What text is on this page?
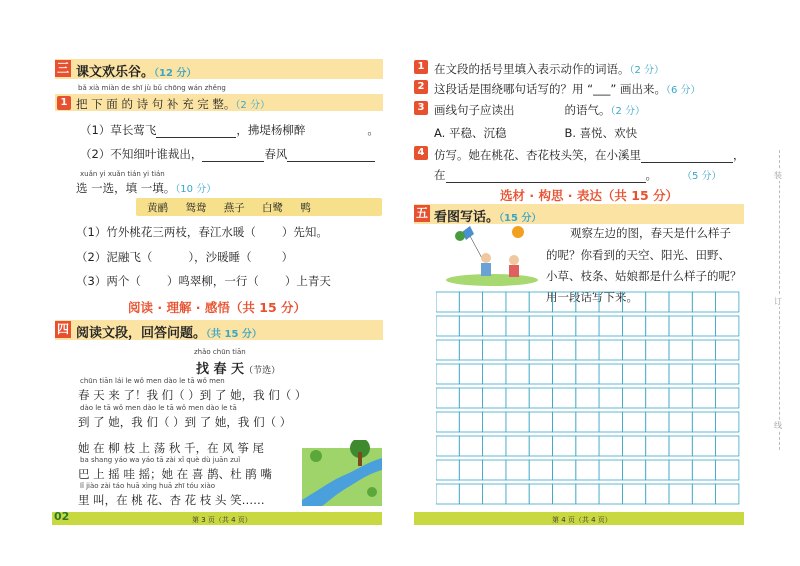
三 课文欢乐谷。（12 分）
bǎ xià miàn de shī jù bǔ chōng wán zhěng
1 把 下 面 的 诗 句 补 充 完 整。（2 分）
（1）草长莺飞	，拂堤杨柳醉	。
（2）不知细叶谁裁出，	春风
xuǎn yi xuǎn tián yi tián
选 一选，填 一填。（10 分）
黄鹂 鸳鸯 燕子 白鹭 鸭
（1）竹外桃花三两枝，春江水暖（ ）先知。
（2）泥融飞（	），沙暖睡（	）
（3）两个（ ）鸣翠柳，一行（ ）上青天
阅读 · 理解 · 感悟（共 15 分）
四 阅读文段，回答问题。（共 15 分）
zhǎo chūn tiān
找 春 天（节选）
chūn tiān lái le wǒ men dào le tā wǒ men
春 天 来 了！我 们（ ）到 了 她，我 们（ ）
dào le tā wǒ men dào le tā wǒ men dào le tā
到 了 她，我 们（ ）到 了 她，我 们（ ）
她 在 柳 枝 上 荡 秋 千，在 风 筝 尾
ba shang yáo wa yáo tā zài xǐ què dù juān zuǐ
巴 上 摇 哇 摇；她 在 喜 鹊、杜 鹃 嘴
lǐ jiào zài táo huā xìng huā zhī tóu xiào
里 叫，在 桃 花、杏 花 枝 头 笑……
02	第 3 页（共 4 页）
1 在文段的括号里填入表示动作的词语。（2 分）
2 这段话是围绕哪句话写的？用 “___” 画出来。（6 分）
3 画线句子应读出	的语气。（2 分）
A. 平稳、沉稳	B. 喜悦、欢快
4 仿写。她在桃花、杏花枝头笑，在小溪里	，
在	。	（5 分）
选材 · 构思 · 表达（共 15 分）
五 看图写话。（15 分）
观察左边的图，春天是什么样子
的呢？你看到的天空、阳光、田野、
小草、枝条、姑娘都是什么样子的呢？
用一段话写下来。
装
订
线
第 4 页（共 4 页）
